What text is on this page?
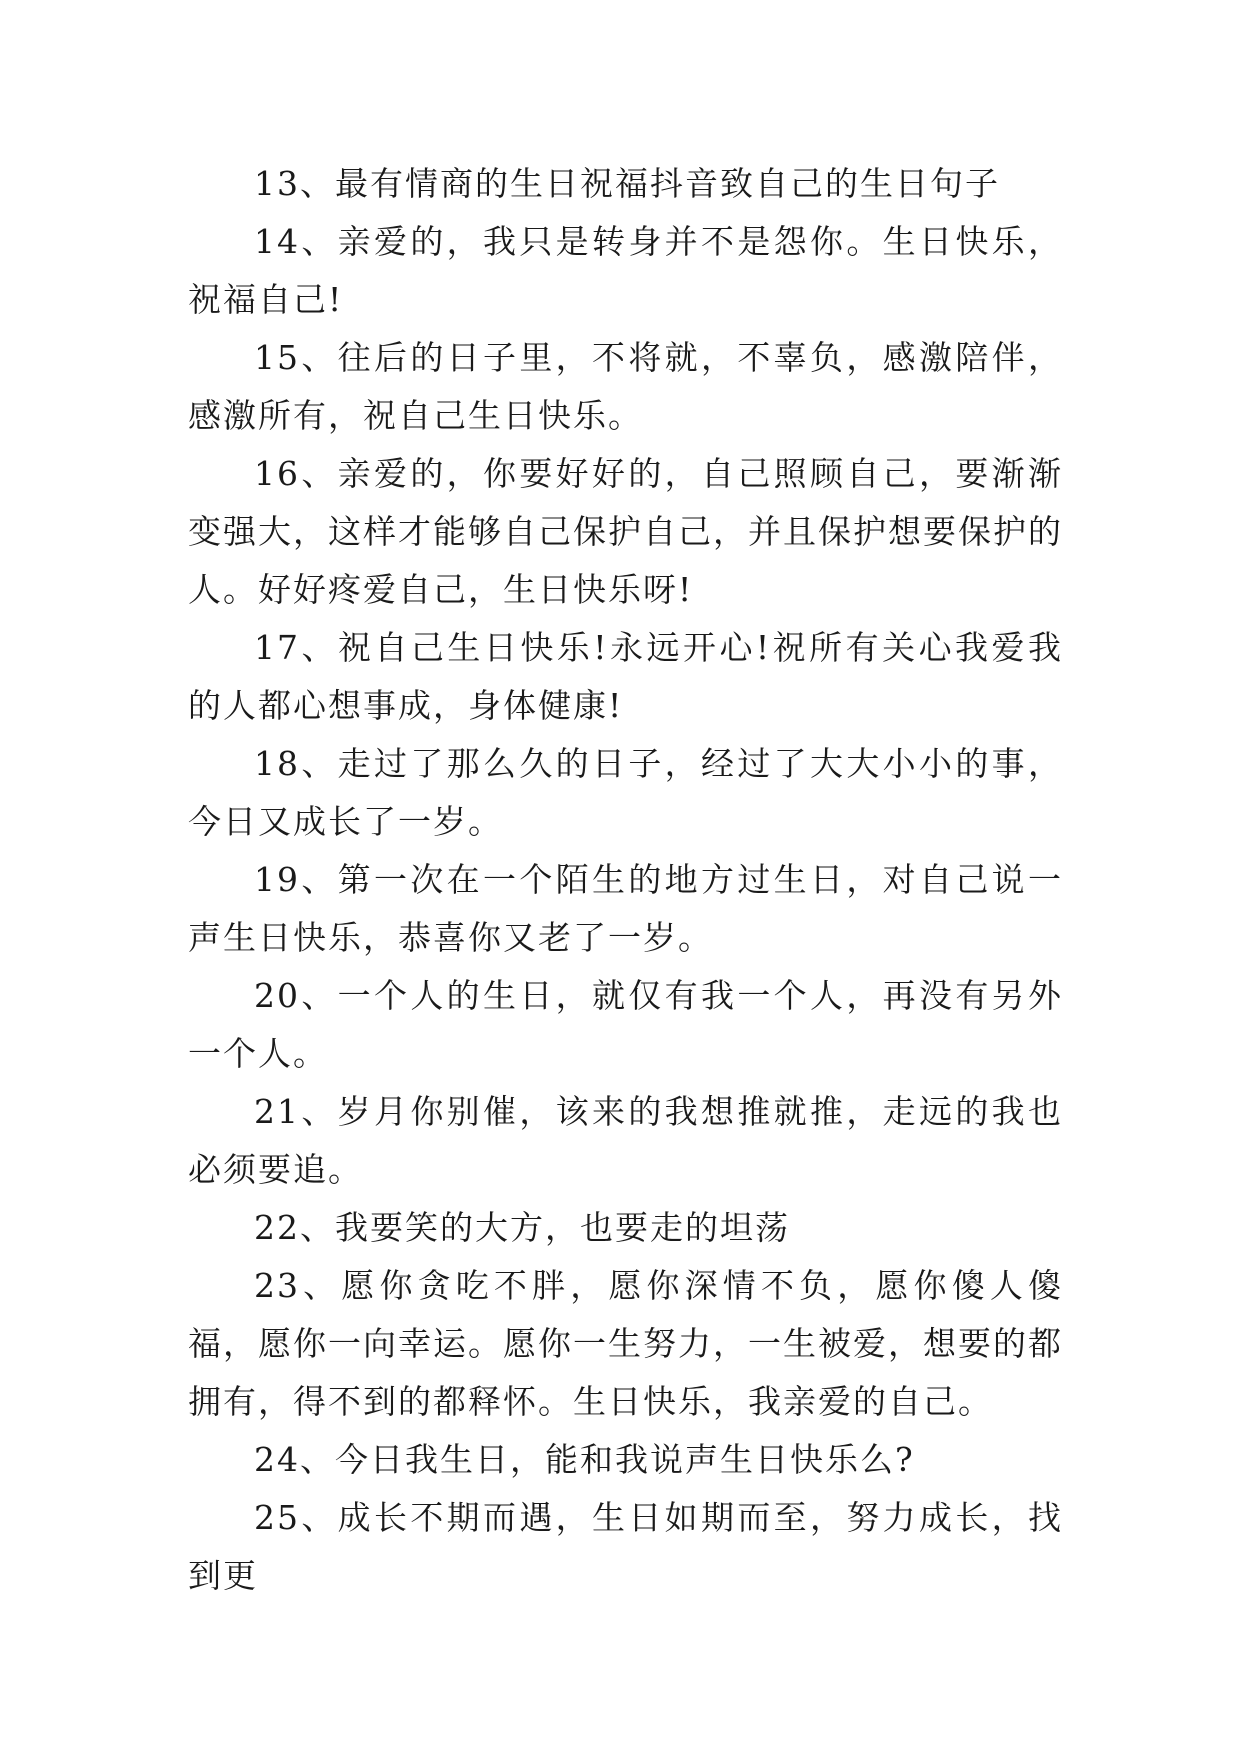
13、最有情商的生日祝福抖音致自己的生日句子

14、亲爱的，我只是转身并不是怨你。生日快乐，祝福自己!

15、往后的日子里，不将就，不辜负，感激陪伴，感激所有，祝自己生日快乐。

16、亲爱的，你要好好的，自己照顾自己，要渐渐变强大，这样才能够自己保护自己，并且保护想要保护的人。好好疼爱自己，生日快乐呀!

17、祝自己生日快乐!永远开心!祝所有关心我爱我的人都心想事成，身体健康!

18、走过了那么久的日子，经过了大大小小的事，今日又成长了一岁。

19、第一次在一个陌生的地方过生日，对自己说一声生日快乐，恭喜你又老了一岁。

20、一个人的生日，就仅有我一个人，再没有另外一个人。

21、岁月你别催，该来的我想推就推，走远的我也必须要追。

22、我要笑的大方，也要走的坦荡

23、愿你贪吃不胖，愿你深情不负，愿你傻人傻福，愿你一向幸运。愿你一生努力，一生被爱，想要的都拥有，得不到的都释怀。生日快乐，我亲爱的自己。

24、今日我生日，能和我说声生日快乐么?

25、成长不期而遇，生日如期而至，努力成长，找到更
